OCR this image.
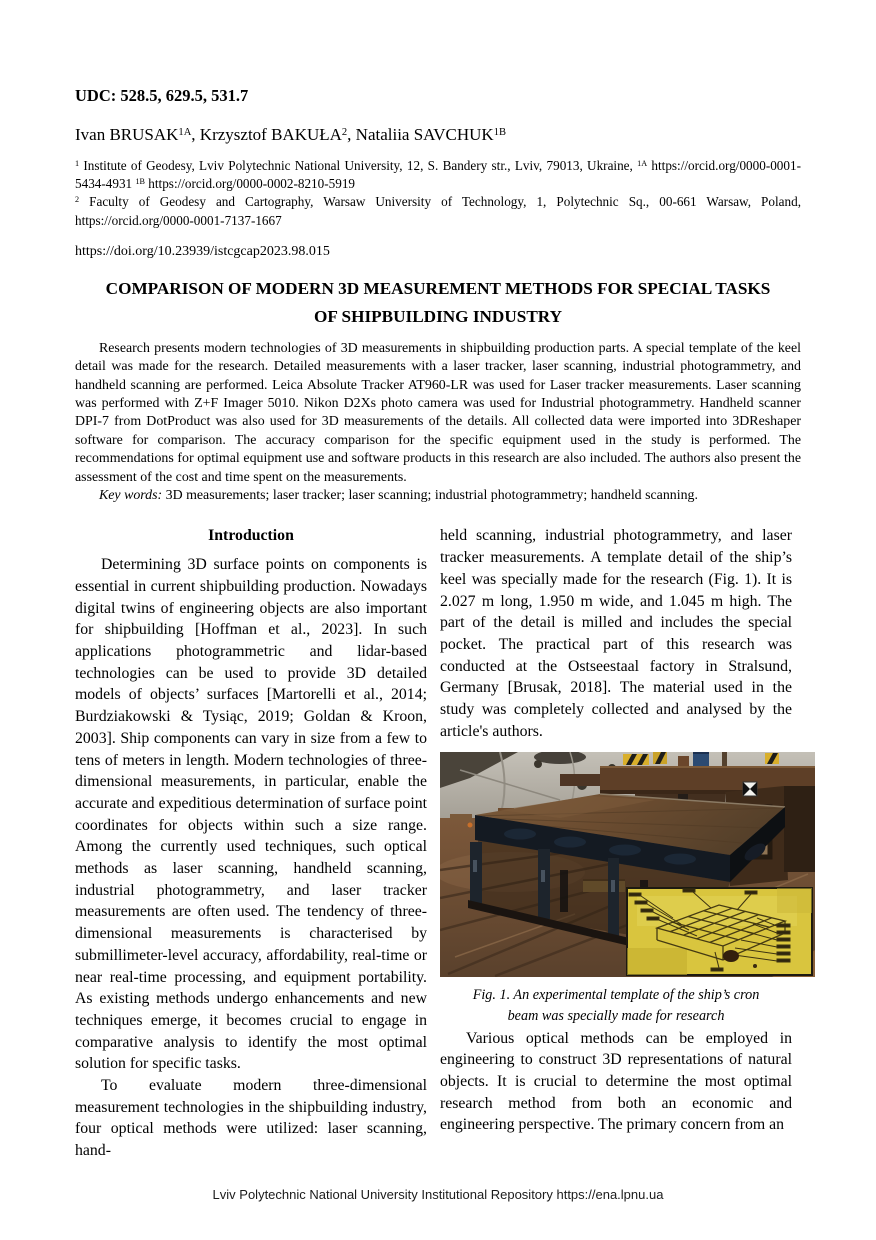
UDC: 528.5, 629.5, 531.7
Ivan $BRUSAK^{1A}$, Krzysztof BAKUŁA$^2$, Nataliia $SAVCHUK^{1B}$

$^1$ Institute of Geodesy, Lviv Polytechnic National University, 12, S. Bandery str., Lviv, 79013, Ukraine, $^{1A}$ https://orcid.org/0000-0001-5434-4931 $^{1B}$ https://orcid.org/0000-0002-8210-5919

$^2$ Faculty of Geodesy and Cartography, Warsaw University of Technology, 1, Polytechnic Sq., 00-661 Warsaw, Poland, https://orcid.org/0000-0001-7137-1667

https://doi.org/10.23939/istcgcap2023.98.015
COMPARISON OF MODERN 3D MEASUREMENT METHODS FOR SPECIAL TASKS
OF SHIPBUILDING INDUSTRY

Research presents modern technologies of 3D measurements in shipbuilding production parts. A special template of the keel detail was made for the research. Detailed measurements with a laser tracker, laser scanning, industrial photogrammetry, and handheld scanning are performed. Leica Absolute Tracker AT960-LR was used for Laser tracker measurements. Laser scanning was performed with Z+F Imager 5010. Nikon D2Xs photo camera was used for Industrial photogrammetry. Handheld scanner DPI-7 from DotProduct was also used for 3D measurements of the details. All collected data were imported into 3DReshaper software for comparison. The accuracy comparison for the specific equipment used in the study is performed. The recommendations for optimal equipment use and software products in this research are also included. The authors also present the assessment of the cost and time spent on the measurements.

Key words: 3D measurements; laser tracker; laser scanning; industrial photogrammetry; handheld scanning.

Introduction

Determining 3D surface points on components is essential in current shipbuilding production. Nowadays digital twins of engineering objects are also important for shipbuilding [Hoffman et al., 2023]. In such applications photogrammetric and lidar-based technologies can be used to provide 3D detailed models of objects’ surfaces [Martorelli et al., 2014; Burdziakowski & Tysiąc, 2019; Goldan & Kroon, 2003]. Ship components can vary in size from a few to tens of meters in length. Modern technologies of three-dimensional measurements, in particular, enable the accurate and expeditious determination of surface point coordinates for objects within such a size range. Among the currently used techniques, such optical methods as laser scanning, handheld scanning, industrial photogrammetry, and laser tracker measurements are often used. The tendency of three-dimensional measurements is characterised by submillimeter-level accuracy, affordability, real-time or near real-time processing, and equipment portability. As existing methods undergo enhancements and new techniques emerge, it becomes crucial to engage in comparative analysis to identify the most optimal solution for specific tasks.

To evaluate modern three-dimensional measurement technologies in the shipbuilding industry, four optical methods were utilized: laser scanning, hand-

held scanning, industrial photogrammetry, and laser tracker measurements. A template detail of the ship’s keel was specially made for the research (Fig. 1). It is 2.027 m long, 1.950 m wide, and 1.045 m high. The part of the detail is milled and includes the special pocket. The practical part of this research was conducted at the Ostseestaal factory in Stralsund, Germany [Brusak, 2018]. The material used in the study was completely collected and analysed by the article's authors.

Fig. 1. An experimental template of the ship’s cron
beam was specially made for research

Various optical methods can be employed in engineering to construct 3D representations of natural objects. It is crucial to determine the most optimal research method from both an economic and engineering perspective. The primary concern from an

Lviv Polytechnic National University Institutional Repository https://ena.lpnu.ua
